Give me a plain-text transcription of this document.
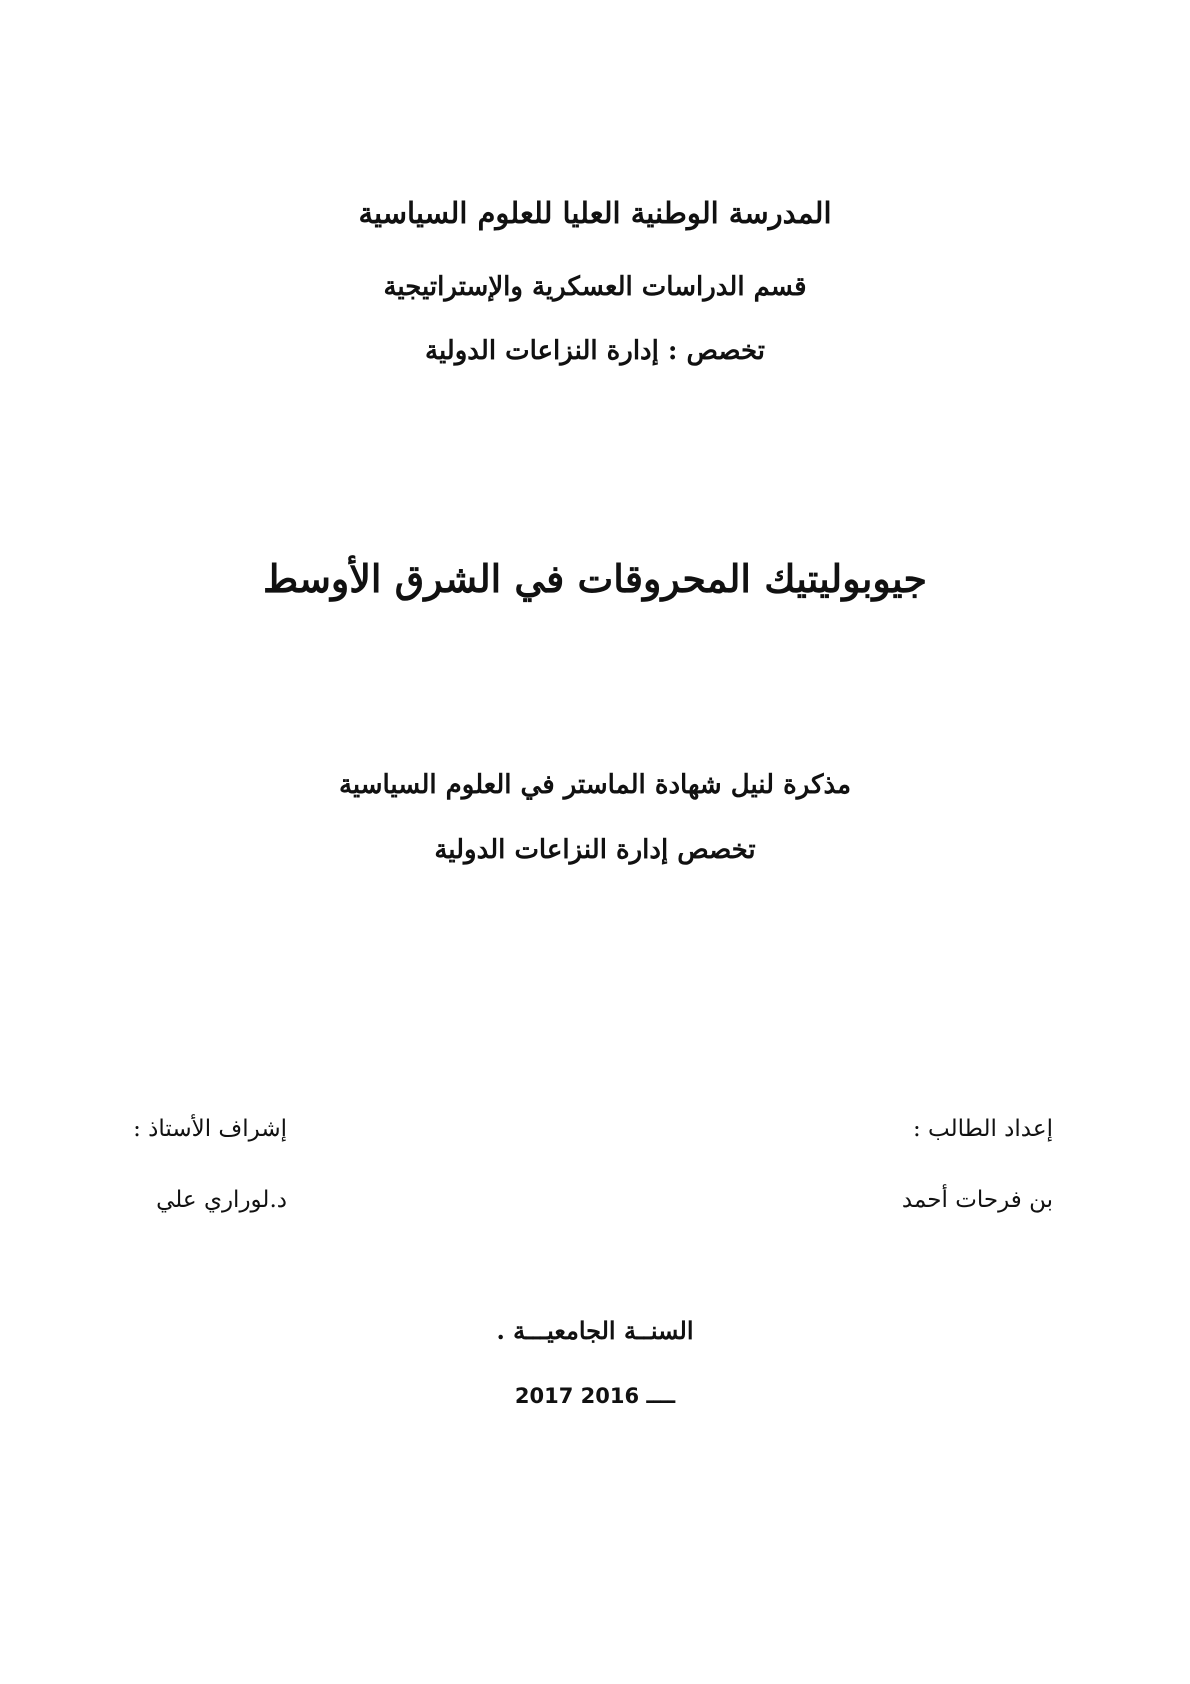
المدرسة الوطنية العليا للعلوم السياسية
قسم الدراسات العسكرية والإستراتيجية
تخصص : إدارة النزاعات الدولية
جيوبوليتيك المحروقات في الشرق الأوسط
مذكرة لنيل شهادة الماستر في العلوم السياسية
تخصص إدارة النزاعات الدولية
إعداد الطالب :
بن فرحات أحمد
إشراف الأستاذ :
د.لوراري علي
السنــة الجامعيـــة .
2017 ــــ 2016
